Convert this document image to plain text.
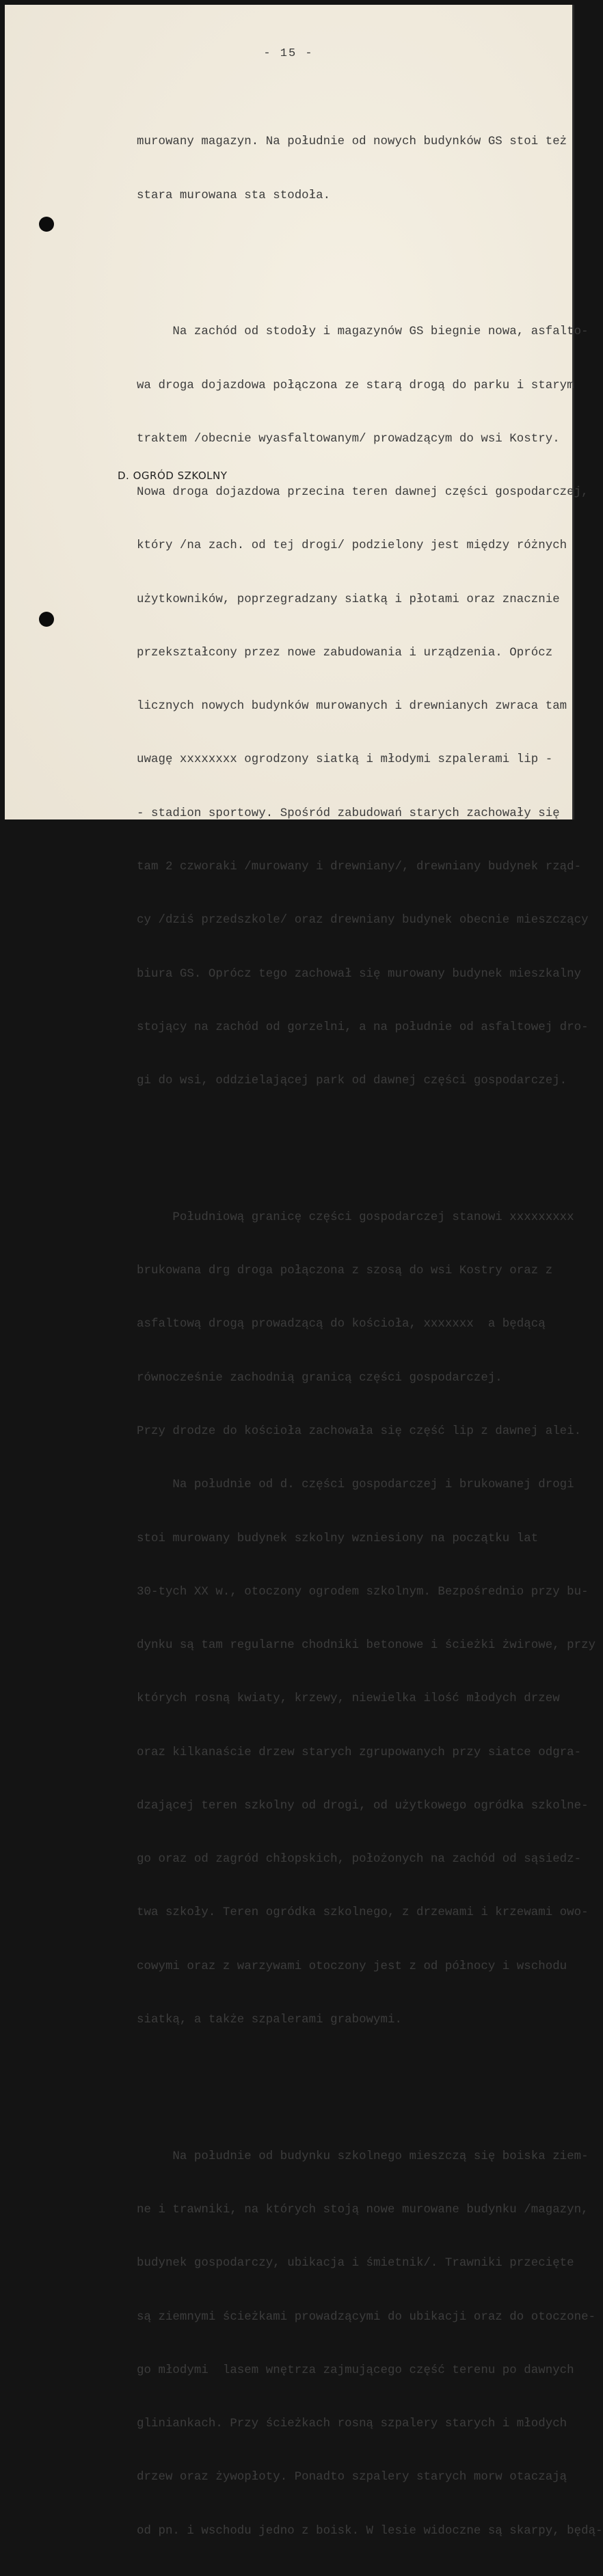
- 15 -
D. OGRÓD SZKOLNY

murowany magazyn. Na południe od nowych budynków GS stoi też

stara murowana sta stodoła.

Na zachód od stodoły i magazynów GS biegnie nowa, asfalto-

wa droga dojazdowa połączona ze starą drogą do parku i starym

traktem /obecnie wyasfaltowanym/ prowadzącym do wsi Kostry.

Nowa droga dojazdowa przecina teren dawnej części gospodarczej,

który /na zach. od tej drogi/ podzielony jest między różnych

użytkowników, poprzegradzany siatką i płotami oraz znacznie

przekształcony przez nowe zabudowania i urządzenia. Oprócz

licznych nowych budynków murowanych i drewnianych zwraca tam

uwagę xxxxxxxx ogrodzony siatką i młodymi szpalerami lip -

- stadion sportowy. Spośród zabudowań starych zachowały się

tam 2 czworaki /murowany i drewniany/, drewniany budynek rząd-

cy /dziś przedszkole/ oraz drewniany budynek obecnie mieszczący

biura GS. Oprócz tego zachował się murowany budynek mieszkalny

stojący na zachód od gorzelni, a na południe od asfaltowej dro-

gi do wsi, oddzielającej park od dawnej części gospodarczej.

Południową granicę części gospodarczej stanowi xxxxxxxxx

brukowana drg droga połączona z szosą do wsi Kostry oraz z

asfaltową drogą prowadzącą do kościoła, xxxxxxx  a będącą

równocześnie zachodnią granicą części gospodarczej.

Przy drodze do kościoła zachowała się część lip z dawnej alei.

Na południe od d. części gospodarczej i brukowanej drogi

stoi murowany budynek szkolny wzniesiony na początku lat

30-tych XX w., otoczony ogrodem szkolnym. Bezpośrednio przy bu-

dynku są tam regularne chodniki betonowe i ścieżki żwirowe, przy

których rosną kwiaty, krzewy, niewielka ilość młodych drzew

oraz kilkanaście drzew starych zgrupowanych przy siatce odgra-

dzającej teren szkolny od drogi, od użytkowego ogródka szkolne-

go oraz od zagród chłopskich, położonych na zachód od sąsiedz-

twa szkoły. Teren ogródka szkolnego, z drzewami i krzewami owo-

cowymi oraz z warzywami otoczony jest z od północy i wschodu

siatką, a także szpalerami grabowymi.

Na południe od budynku szkolnego mieszczą się boiska ziem-

ne i trawniki, na których stoją nowe murowane budynku /magazyn,

budynek gospodarczy, ubikacja i śmietnik/. Trawniki przecięte

są ziemnymi ścieżkami prowadzącymi do ubikacji oraz do otoczone-

go młodymi  lasem wnętrza zajmującego część terenu po dawnych

gliniankach. Przy ścieżkach rosną szpalery starych i młodych

drzew oraz żywopłoty. Ponadto szpalery starych morw otaczają

od pn. i wschodu jedno z boisk. W lesie widoczne są skarpy, będą-
